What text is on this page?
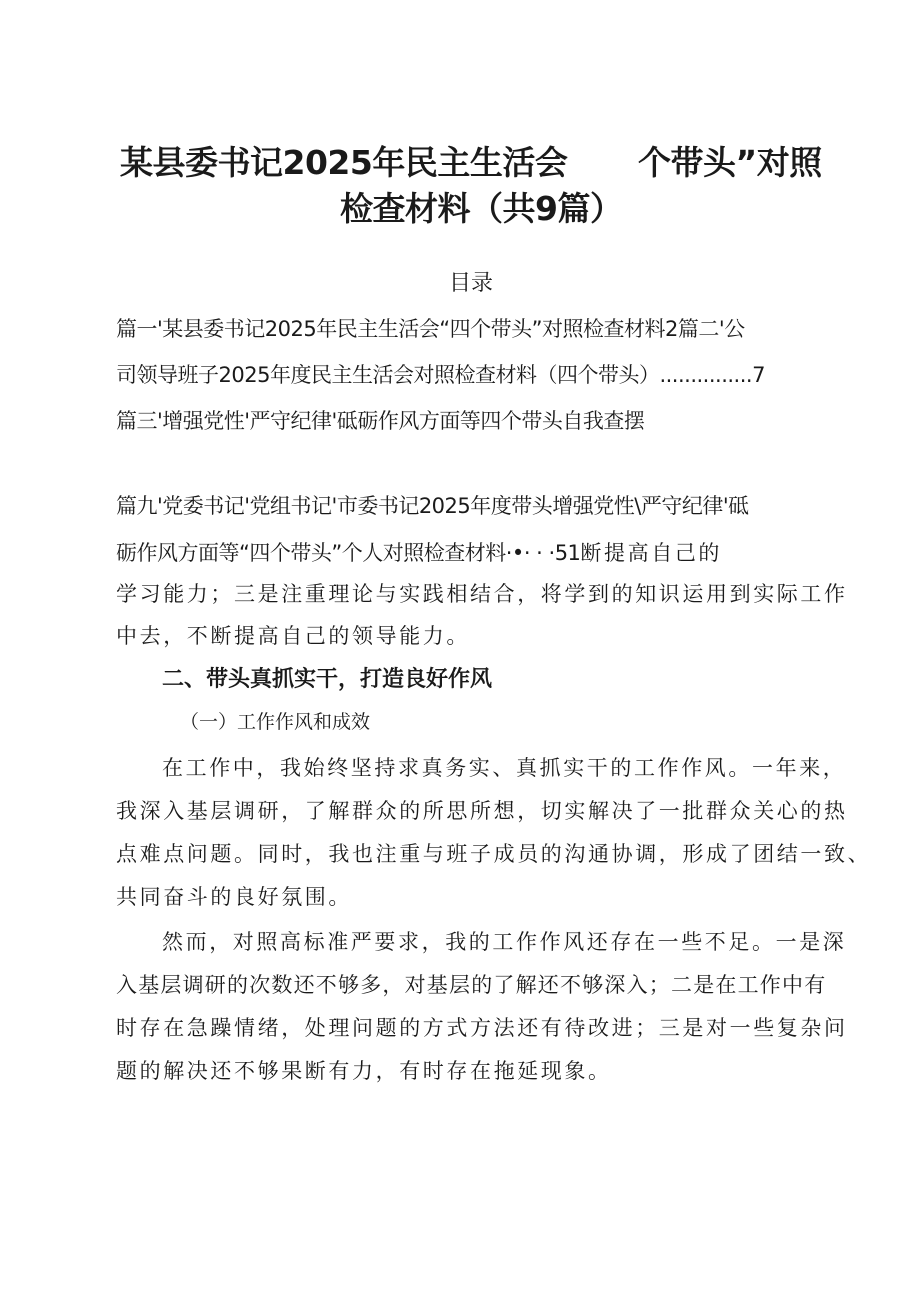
某县委书记2025年民主生活会 个带头”对照
检查材料（共9篇）
目录
篇一'某县委书记2025年民主生活会“四个带头”对照检查材料2篇二'公
司领导班子2025年度民主生活会对照检查材料（四个带头）...............7
篇三'增强党性'严守纪律'砥砺作风方面等四个带头自我查摆
篇九'党委书记'党组书记'市委书记2025年度带头增强党性\严守纪律'砥
砺作风方面等“四个带头”个人对照检查材料·•· · ·51断提高自己的
学习能力；三是注重理论与实践相结合，将学到的知识运用到实际工作
中去，不断提高自己的领导能力。
二、带头真抓实干，打造良好作风
（一）工作作风和成效
在工作中，我始终坚持求真务实、真抓实干的工作作风。一年来，
我深入基层调研，了解群众的所思所想，切实解决了一批群众关心的热
点难点问题。同时，我也注重与班子成员的沟通协调，形成了团结一致、
共同奋斗的良好氛围。
然而，对照高标准严要求，我的工作作风还存在一些不足。一是深
入基层调研的次数还不够多，对基层的了解还不够深入；二是在工作中有
时存在急躁情绪，处理问题的方式方法还有待改进；三是对一些复杂问
题的解决还不够果断有力，有时存在拖延现象。
